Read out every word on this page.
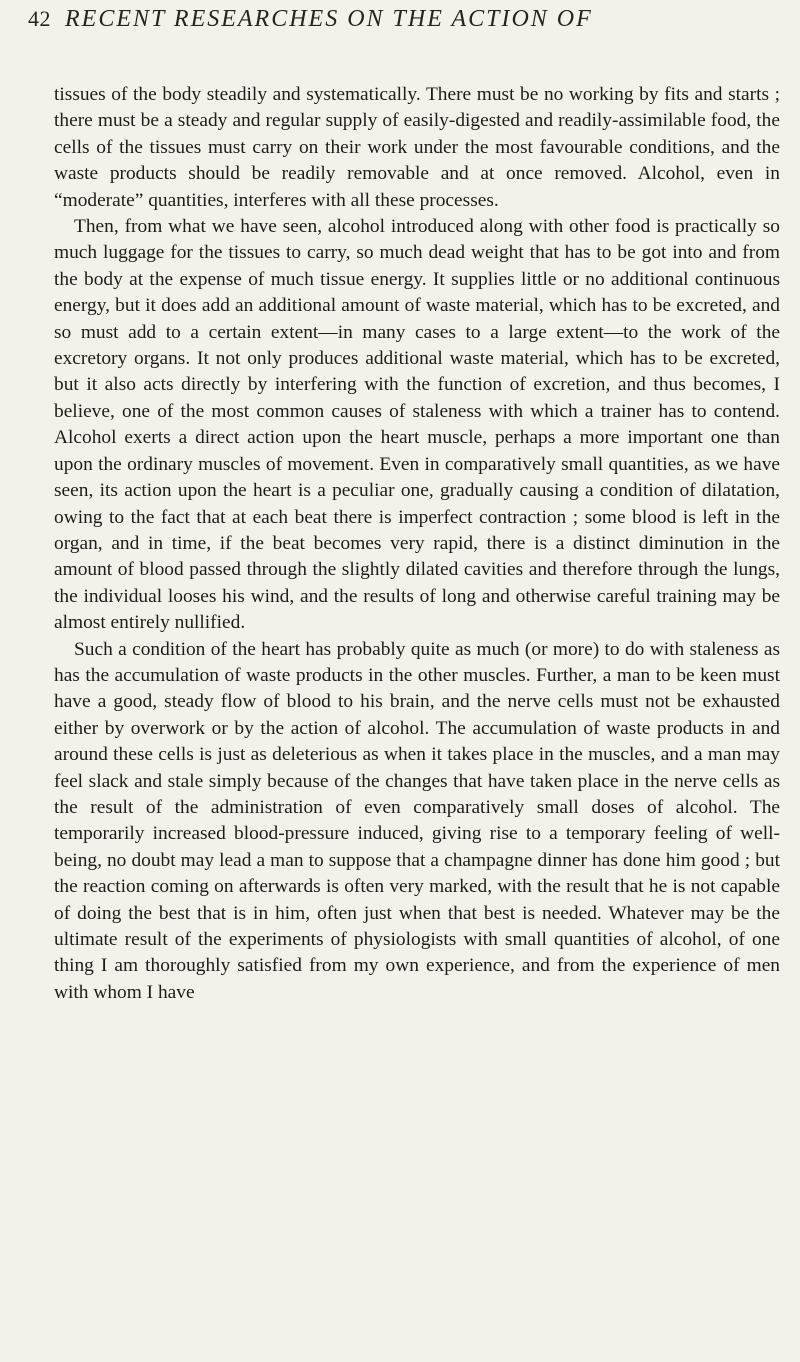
42 RECENT RESEARCHES ON THE ACTION OF

tissues of the body steadily and systematically. There must be no working by fits and starts ; there must be a steady and regular supply of easily-digested and readily-assimilable food, the cells of the tissues must carry on their work under the most favourable conditions, and the waste products should be readily removable and at once removed. Alcohol, even in “moderate” quantities, interferes with all these processes.

Then, from what we have seen, alcohol introduced along with other food is practically so much luggage for the tissues to carry, so much dead weight that has to be got into and from the body at the expense of much tissue energy. It supplies little or no additional continuous energy, but it does add an additional amount of waste material, which has to be excreted, and so must add to a certain extent—in many cases to a large extent—to the work of the excretory organs. It not only produces additional waste material, which has to be excreted, but it also acts directly by interfering with the function of excretion, and thus becomes, I believe, one of the most common causes of staleness with which a trainer has to contend. Alcohol exerts a direct action upon the heart muscle, perhaps a more important one than upon the ordinary muscles of movement. Even in comparatively small quantities, as we have seen, its action upon the heart is a peculiar one, gradually causing a condition of dilatation, owing to the fact that at each beat there is imperfect contraction ; some blood is left in the organ, and in time, if the beat becomes very rapid, there is a distinct diminution in the amount of blood passed through the slightly dilated cavities and therefore through the lungs, the individual looses his wind, and the results of long and otherwise careful training may be almost entirely nullified.

Such a condition of the heart has probably quite as much (or more) to do with staleness as has the accumulation of waste products in the other muscles. Further, a man to be keen must have a good, steady flow of blood to his brain, and the nerve cells must not be exhausted either by overwork or by the action of alcohol. The accumulation of waste products in and around these cells is just as deleterious as when it takes place in the muscles, and a man may feel slack and stale simply because of the changes that have taken place in the nerve cells as the result of the administration of even comparatively small doses of alcohol. The temporarily increased blood-pressure induced, giving rise to a temporary feeling of well-being, no doubt may lead a man to suppose that a champagne dinner has done him good ; but the reaction coming on afterwards is often very marked, with the result that he is not capable of doing the best that is in him, often just when that best is needed. Whatever may be the ultimate result of the experiments of physiologists with small quantities of alcohol, of one thing I am thoroughly satisfied from my own experience, and from the experience of men with whom I have
